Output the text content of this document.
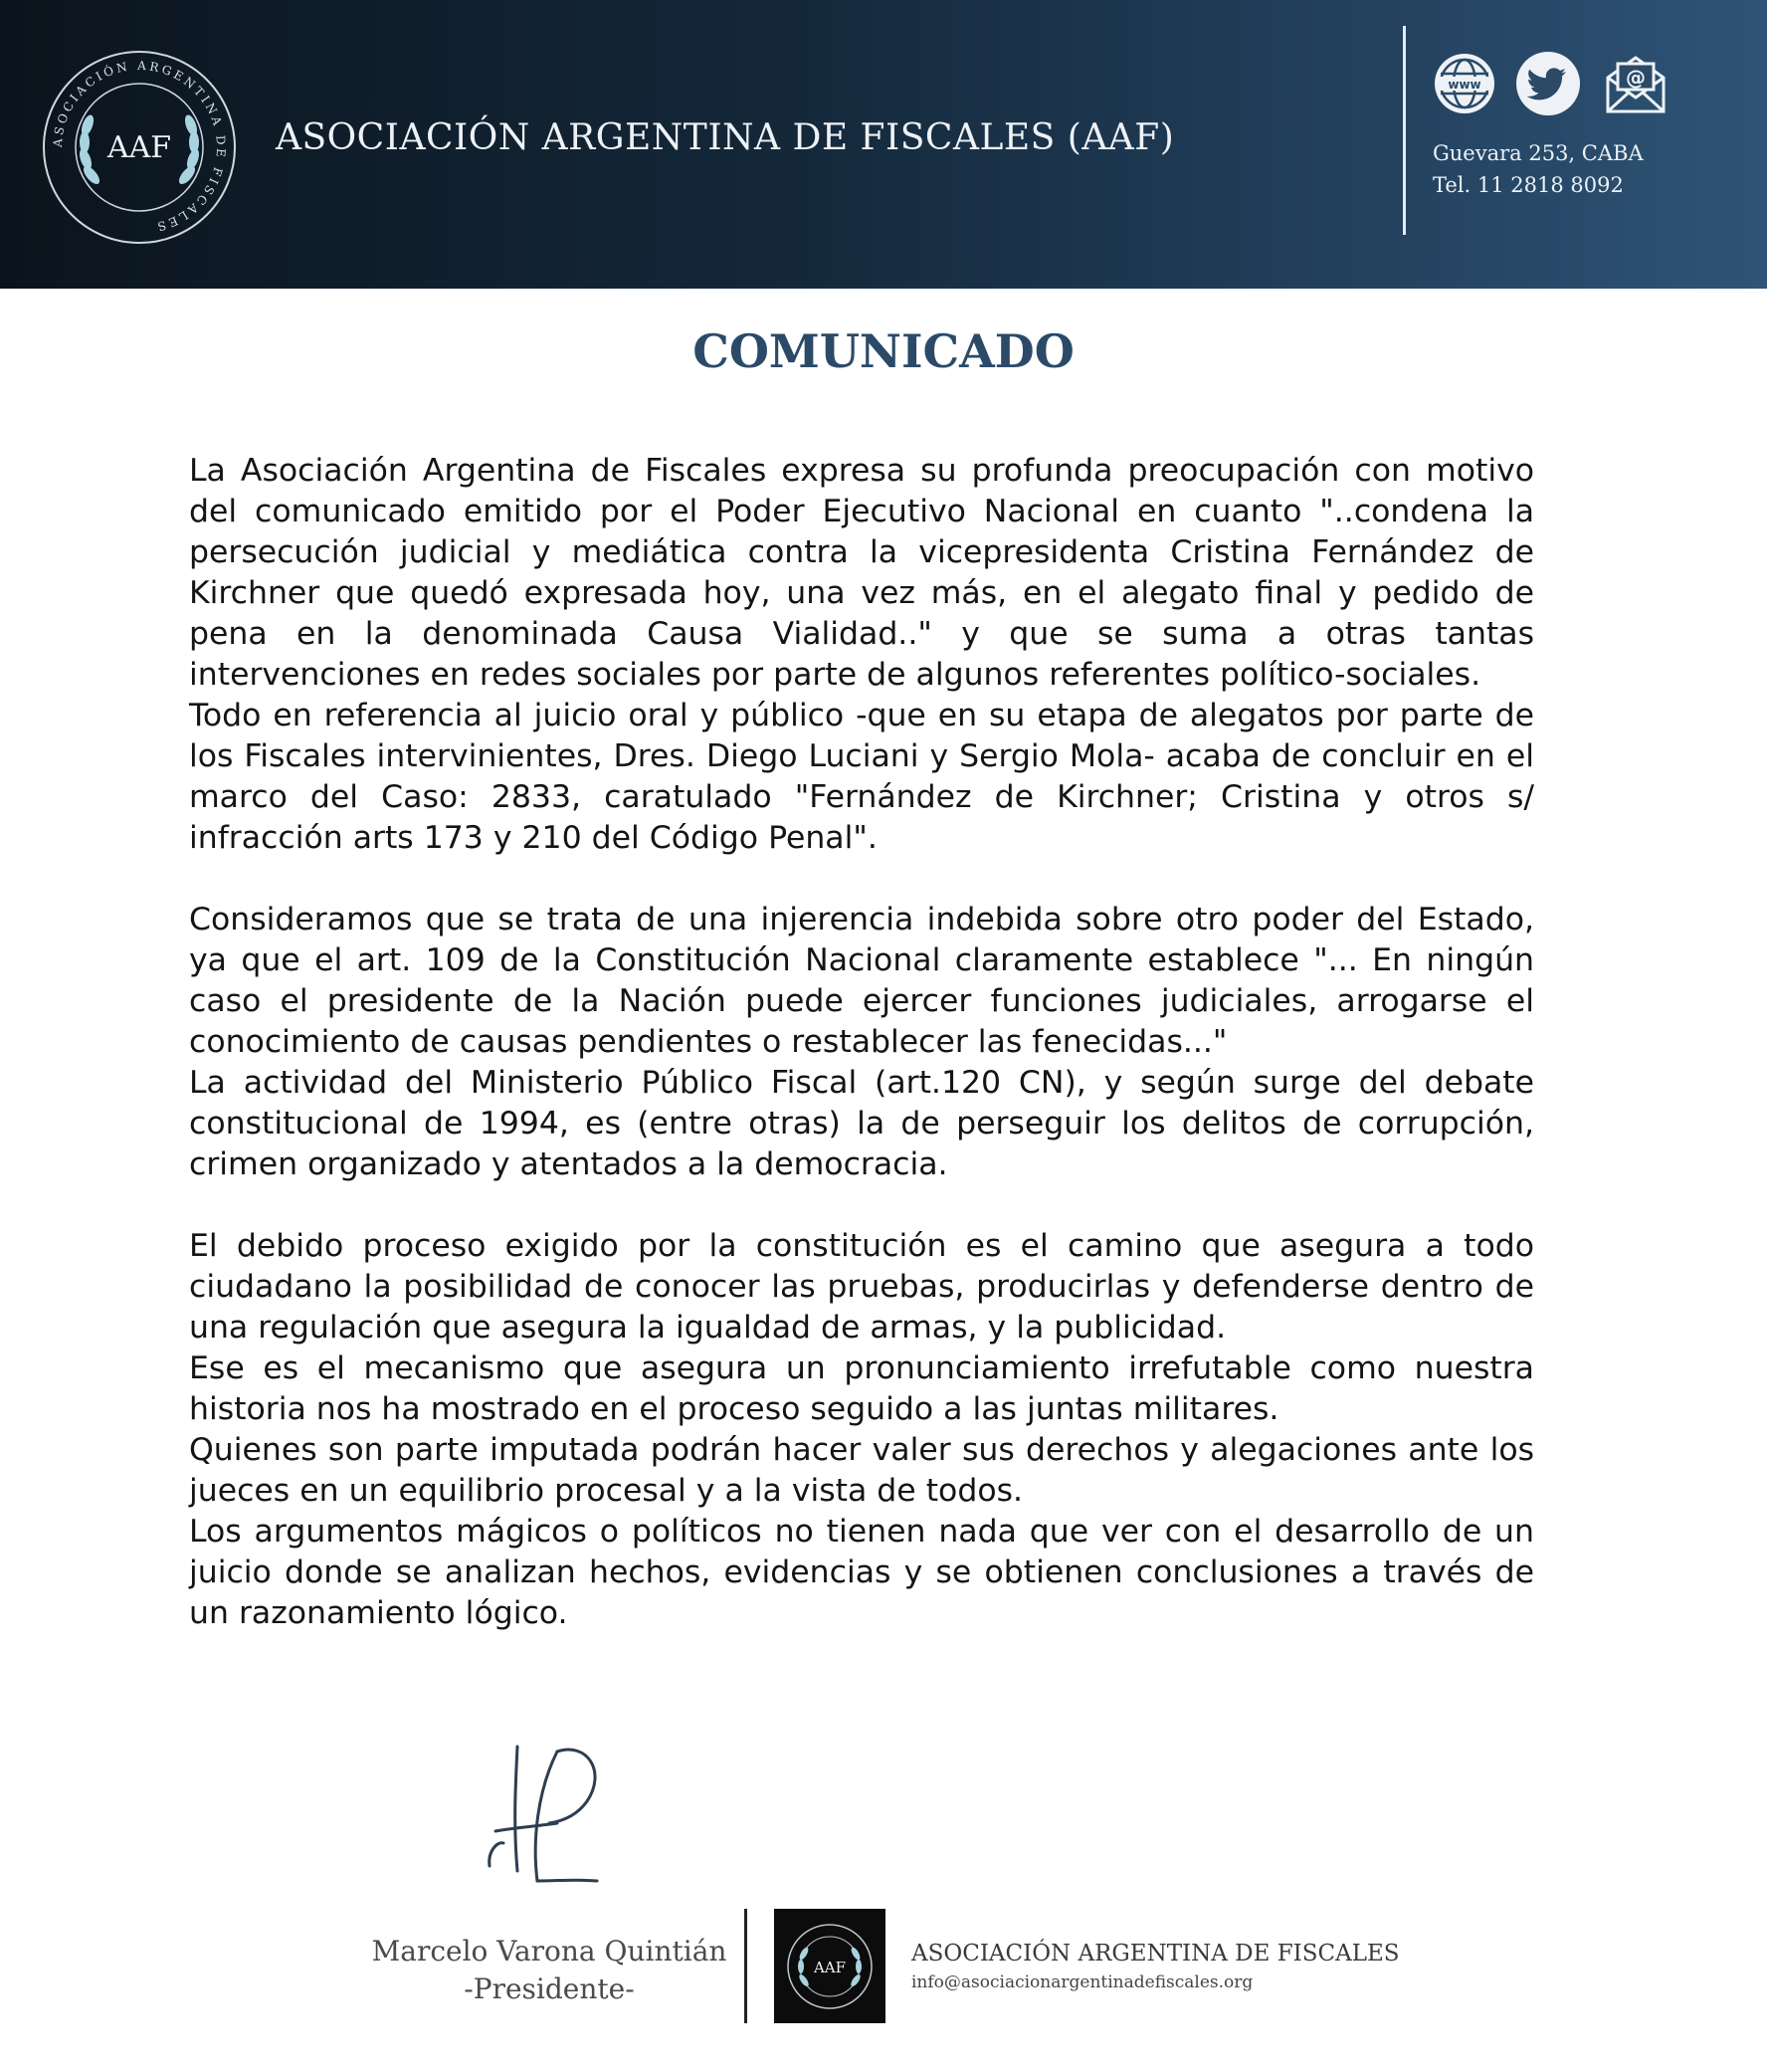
ASOCIACIÓN ARGENTINA DE FISCALES
AAF	ASOCIACIÓN ARGENTINA DE FISCALES (AAF)
www	@
Guevara 253, CABA
Tel. 11 2818 8092
COMUNICADO

La Asociación Argentina de Fiscales expresa su profunda preocupación con motivo del comunicado emitido por el Poder Ejecutivo Nacional en cuanto "..condena la persecución judicial y mediática contra la vicepresidenta Cristina Fernández de Kirchner que quedó expresada hoy, una vez más, en el alegato final y pedido de pena en la denominada Causa Vialidad.." y que se suma a otras tantas intervenciones en redes sociales por parte de algunos referentes político-sociales.

Todo en referencia al juicio oral y público -que en su etapa de alegatos por parte de los Fiscales intervinientes, Dres. Diego Luciani y Sergio Mola- acaba de concluir en el marco del Caso: 2833, caratulado "Fernández de Kirchner; Cristina y otros s/ infracción arts 173 y 210 del Código Penal".

Consideramos que se trata de una injerencia indebida sobre otro poder del Estado, ya que el art. 109 de la Constitución Nacional claramente establece "... En ningún caso el presidente de la Nación puede ejercer funciones judiciales, arrogarse el conocimiento de causas pendientes o restablecer las fenecidas..."

La actividad del Ministerio Público Fiscal (art.120 CN), y según surge del debate constitucional de 1994, es (entre otras) la de perseguir los delitos de corrupción, crimen organizado y atentados a la democracia.

El debido proceso exigido por la constitución es el camino que asegura a todo ciudadano la posibilidad de conocer las pruebas, producirlas y defenderse dentro de una regulación que asegura la igualdad de armas, y la publicidad.

Ese es el mecanismo que asegura un pronunciamiento irrefutable como nuestra historia nos ha mostrado en el proceso seguido a las juntas militares.

Quienes son parte imputada podrán hacer valer sus derechos y alegaciones ante los jueces en un equilibrio procesal y a la vista de todos.

Los argumentos mágicos o políticos no tienen nada que ver con el desarrollo de un juicio donde se analizan hechos, evidencias y se obtienen conclusiones a través de un razonamiento lógico.

Marcelo Varona Quintián
-Presidente-
AAF
ASOCIACIÓN ARGENTINA DE FISCALES
info@asociacionargentinadefiscales.org
